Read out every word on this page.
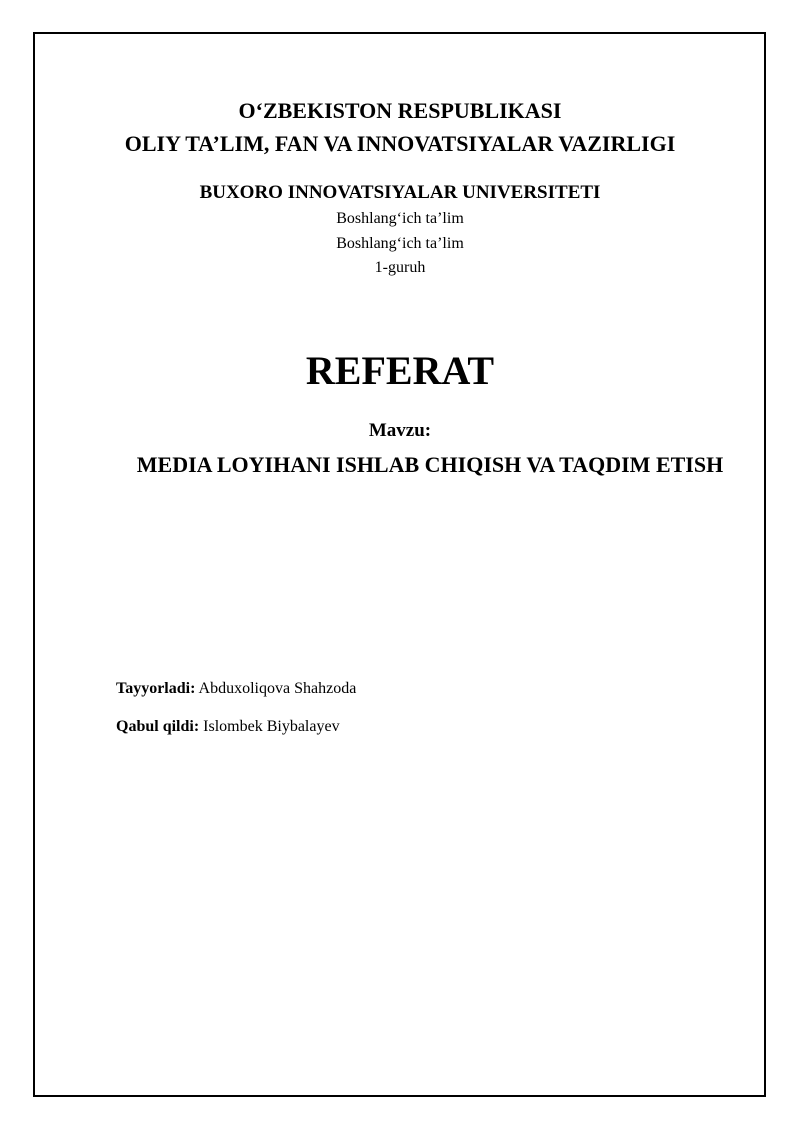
O‘ZBEKISTON RESPUBLIKASI
OLIY TA’LIM, FAN VA INNOVATSIYALAR VAZIRLIGI
BUXORO INNOVATSIYALAR UNIVERSITETI
Boshlang‘ich ta’lim
Boshlang‘ich ta’lim
1-guruh
REFERAT
Mavzu:
MEDIA LOYIHANI ISHLAB CHIQISH VA TAQDIM ETISH
Tayyorladi: Abduxoliqova Shahzoda
Qabul qildi: Islombek Biybalayev
